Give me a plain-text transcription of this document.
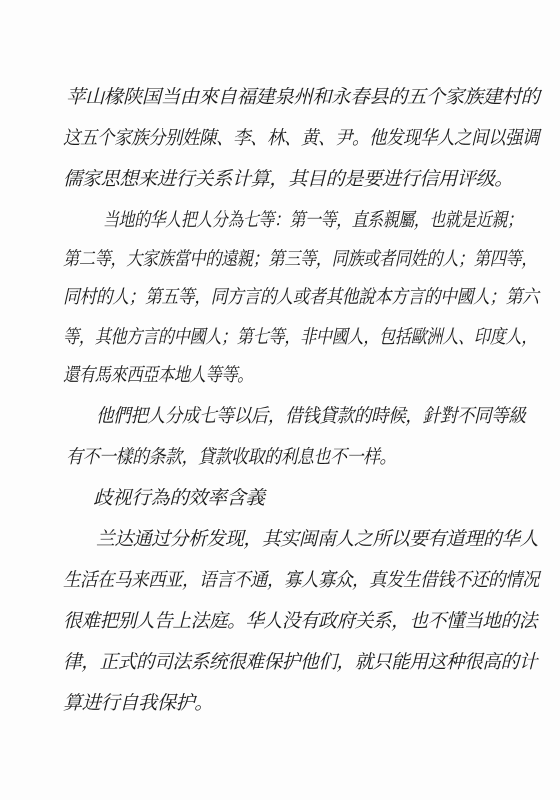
苹山椽陕国当由來自福建泉州和永春县的五个家族建村的
这五个家族分别姓陳、李、林、黄、尹。他发现华人之间以强调
儒家思想来进行关系计算，其目的是要进行信用评级。
当地的华人把人分為七等：第一等，直系親屬，也就是近親；
第二等，大家族當中的遠親；第三等，同族或者同姓的人；第四等，
同村的人；第五等，同方言的人或者其他說本方言的中國人；第六
等，其他方言的中國人；第七等，非中國人，包括歐洲人、印度人，
還有馬來西亞本地人等等。
他們把人分成七等以后，借钱貸款的時候，針對不同等級
有不一樣的条款，貸款收取的利息也不一样。
歧视行為的效率含義
兰达通过分析发现，其实闽南人之所以要有道理的华人
生活在马来西亚，语言不通，寡人寡众，真发生借钱不还的情况
很难把别人告上法庭。华人没有政府关系，也不懂当地的法
律，正式的司法系统很难保护他们，就只能用这种很高的计
算进行自我保护。
